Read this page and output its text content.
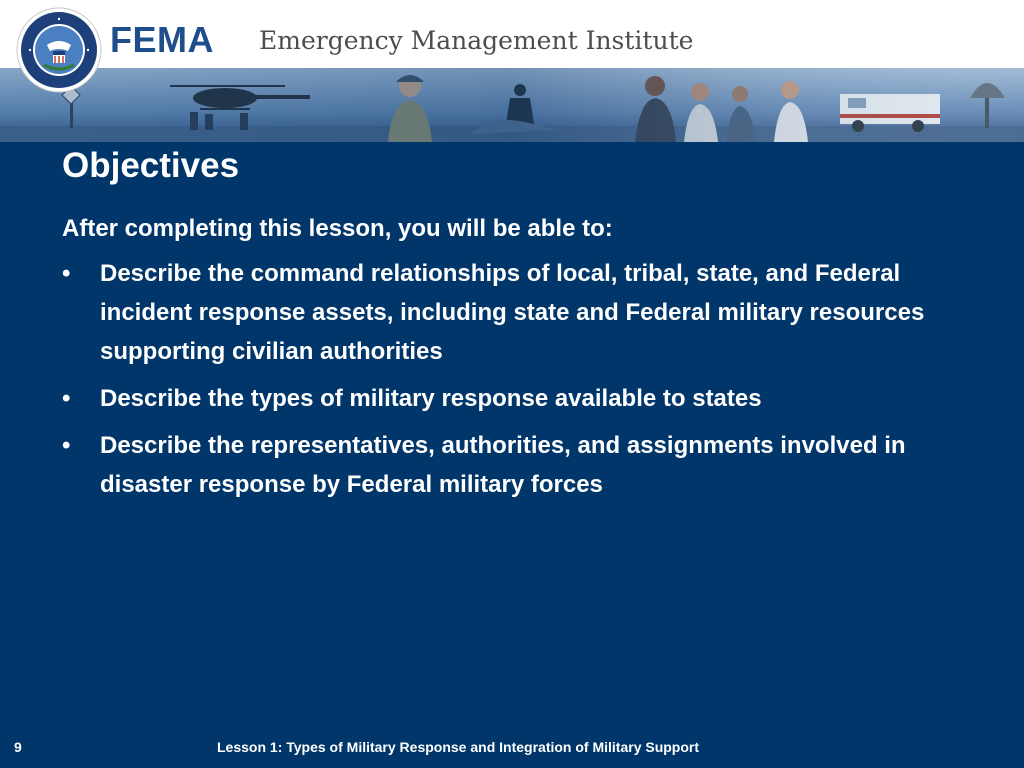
FEMA Emergency Management Institute
Objectives
After completing this lesson, you will be able to:
• Describe the command relationships of local, tribal, state, and Federal incident response assets, including state and Federal military resources supporting civilian authorities
• Describe the types of military response available to states
• Describe the representatives, authorities, and assignments involved in disaster response by Federal military forces
9	Lesson 1: Types of Military Response and Integration of Military Support
